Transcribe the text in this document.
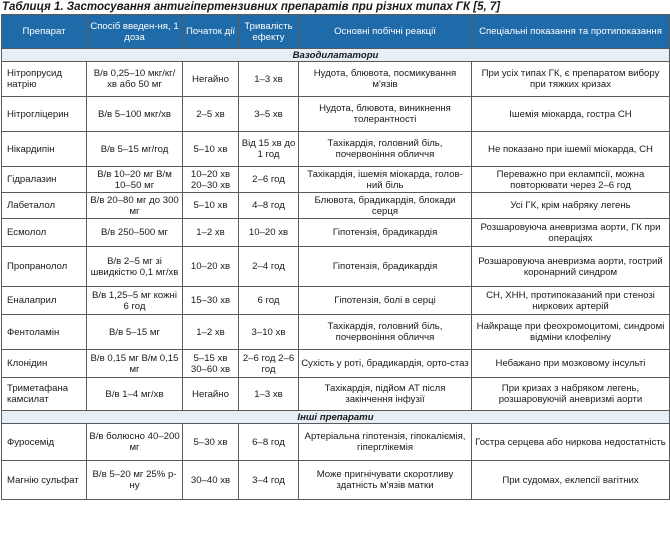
Таблиця 1. Застосування антигіпертензивних препаратів при різних типах ГК [5, 7]
Препарат	Спосіб введен-ня, 1 доза	Початок дії	Тривалість ефекту	Основні побічні реакції	Спеціальні показання та протипоказання
Вазодилататори					
Нітропрусид натрію	В/в 0,25–10 мкг/кг/хв або 50 мг	Негайно	1–3 хв	Нудота, блювота, посмикування м'язів	При усіх типах ГК, є препаратом вибору при тяжких кризах
Нітрогліцерин	В/в 5–100 мкг/хв	2–5 хв	3–5 хв	Нудота, блювота, виникнення толерантності	Ішемія міокарда, гостра СН
Нікардипін	В/в 5–15 мг/год	5–10 хв	Від 15 хв до 1 год	Тахікардія, головний біль, почервоніння обличчя	Не показано при ішемії міокарда, СН
Гідралазин	В/в 10–20 мг В/м 10–50 мг	10–20 хв 20–30 хв	2–6 год	Тахікардія, ішемія міокарда, голов-ний біль	Переважно при еклампсії, можна повторювати через 2–6 год
Лабеталол	В/в 20–80 мг до 300 мг	5–10 хв	4–8 год	Блювота, брадикардія, блокади серця	Усі ГК, крім набряку легень
Есмолол	В/в 250–500 мг	1–2 хв	10–20 хв	Гіпотензія, брадикардія	Розшаровуюча аневризма аорти, ГК при операціях
Пропранолол	В/в 2–5 мг зі швидкістю 0,1 мг/хв	10–20 хв	2–4 год	Гіпотензія, брадикардія	Розшаровуюча аневризма аорти, гострий коронарний синдром
Еналаприл	В/в 1,25–5 мг кожні 6 год	15–30 хв	6 год	Гіпотензія, болі в серці	СН, ХНН, протипоказаний при стенозі ниркових артерій
Фентоламін	В/в 5–15 мг	1–2 хв	3–10 хв	Тахікардія, головний біль, почервоніння обличчя	Найкраще при феохромоцитомі, синдромі відміни клофеліну
Клонідин	В/в 0,15 мг В/м 0,15 мг	5–15 хв 30–60 хв	2–6 год 2–6 год	Сухість у роті, брадикардія, орто-стаз	Небажано при мозковому інсульті
Триметафана камсилат	В/в 1–4 мг/хв	Негайно	1–3 хв	Тахікардія, підйом АТ після закінчення інфузії	При кризах з набряком легень, розшаровуючій аневризмі аорти
Інші препарати					
Фуросемід	В/в болюсно 40–200 мг	5–30 хв	6–8 год	Артеріальна гіпотензія, гіпокаліємія, гіперглікемія	Гостра серцева або ниркова недостатність
Магнію сульфат	В/в 5–20 мг 25% р-ну	30–40 хв	3–4 год	Може пригнічувати скоротливу здатність м'язів матки	При судомах, еклепсії вагітних
